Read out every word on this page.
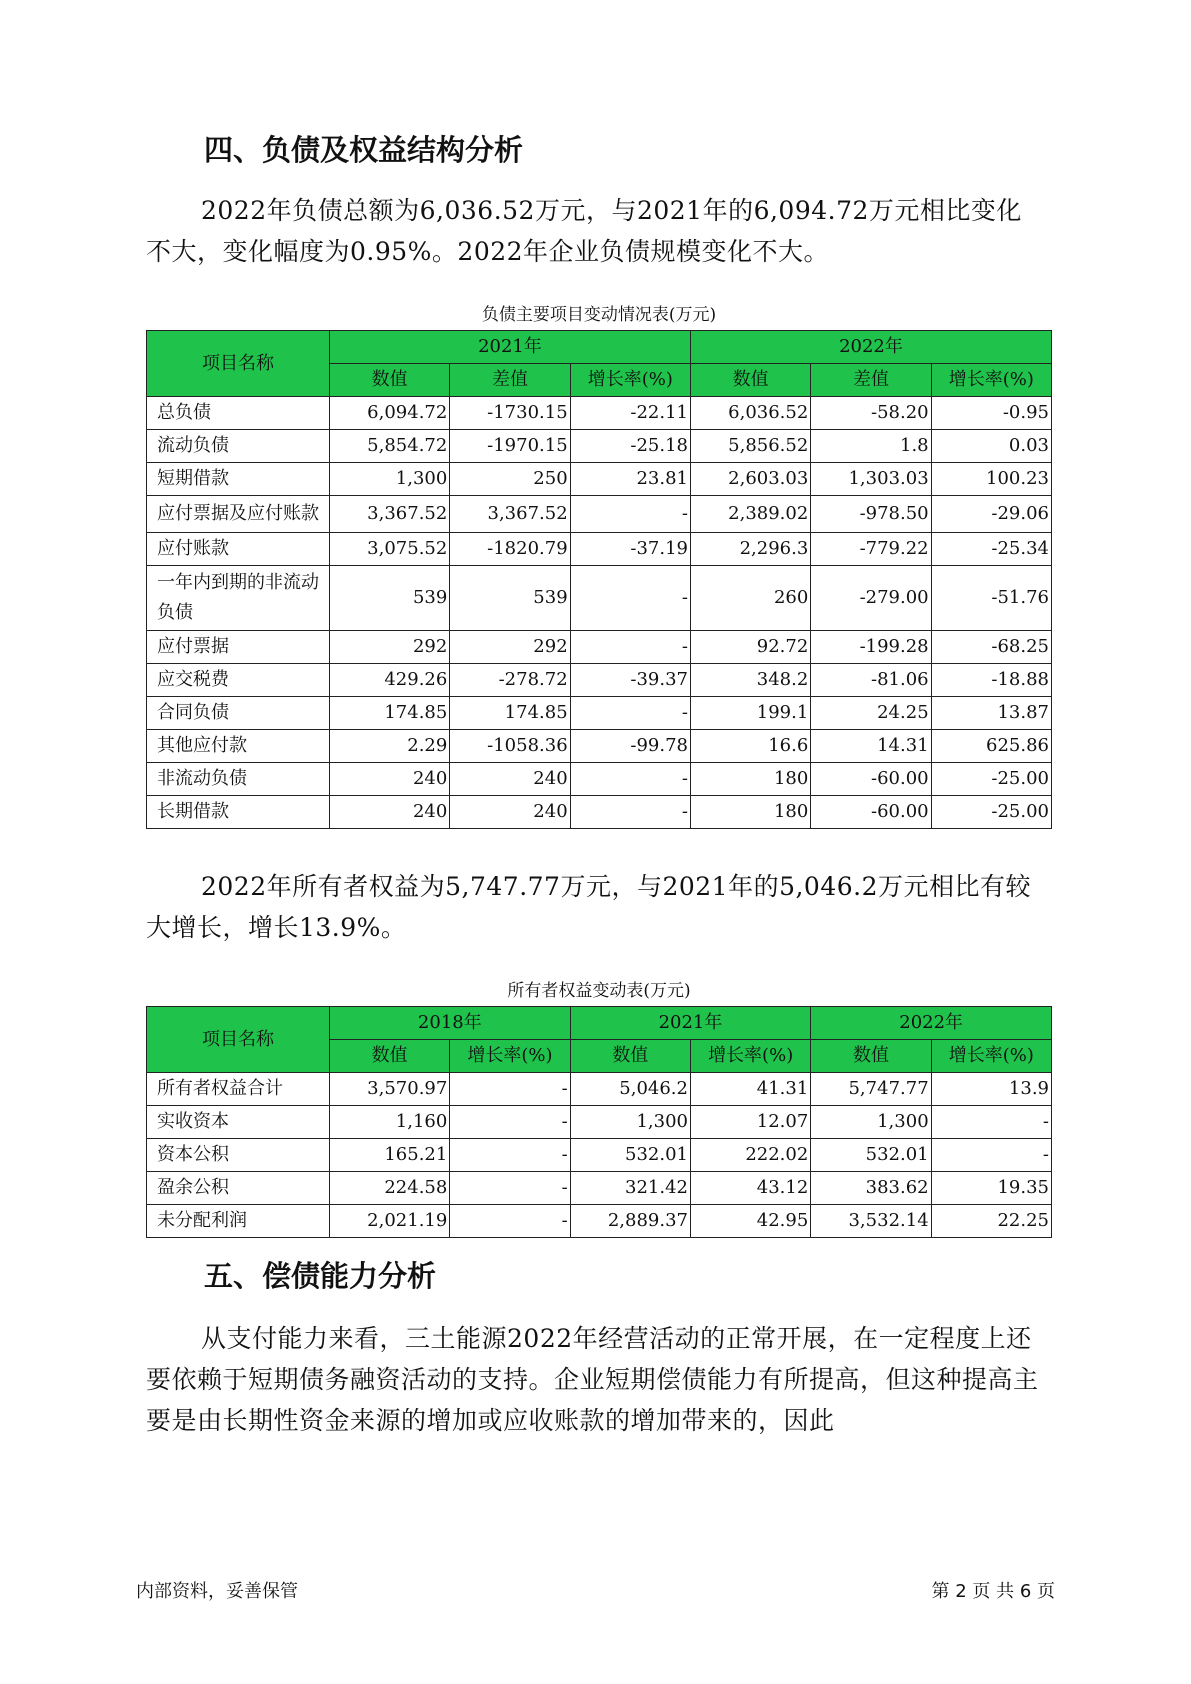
四、负债及权益结构分析

2022年负债总额为6,036.52万元，与2021年的6,094.72万元相比变化不大，变化幅度为0.95%。2022年企业负债规模变化不大。

负债主要项目变动情况表(万元)
项目名称	2021年			2022年		
	数值	差值	增长率(%)	数值	差值	增长率(%)
总负债	6,094.72	-1730.15	-22.11	6,036.52	-58.20	-0.95
流动负债	5,854.72	-1970.15	-25.18	5,856.52	1.8	0.03
短期借款	1,300	250	23.81	2,603.03	1,303.03	100.23
应付票据及应付账款	3,367.52	3,367.52	-	2,389.02	-978.50	-29.06
应付账款	3,075.52	-1820.79	-37.19	2,296.3	-779.22	-25.34
一年内到期的非流动负债	539	539	-	260	-279.00	-51.76
应付票据	292	292	-	92.72	-199.28	-68.25
应交税费	429.26	-278.72	-39.37	348.2	-81.06	-18.88
合同负债	174.85	174.85	-	199.1	24.25	13.87
其他应付款	2.29	-1058.36	-99.78	16.6	14.31	625.86
非流动负债	240	240	-	180	-60.00	-25.00
长期借款	240	240	-	180	-60.00	-25.00

2022年所有者权益为5,747.77万元，与2021年的5,046.2万元相比有较大增长，增长13.9%。

所有者权益变动表(万元)
项目名称	2018年		2021年		2022年	
	数值	增长率(%)	数值	增长率(%)	数值	增长率(%)
所有者权益合计	3,570.97	-	5,046.2	41.31	5,747.77	13.9
实收资本	1,160	-	1,300	12.07	1,300	-
资本公积	165.21	-	532.01	222.02	532.01	-
盈余公积	224.58	-	321.42	43.12	383.62	19.35
未分配利润	2,021.19	-	2,889.37	42.95	3,532.14	22.25
五、偿债能力分析

从支付能力来看，三土能源2022年经营活动的正常开展，在一定程度上还要依赖于短期债务融资活动的支持。企业短期偿债能力有所提高，但这种提高主要是由长期性资金来源的增加或应收账款的增加带来的，因此

内部资料，妥善保管	第 2 页 共 6 页
